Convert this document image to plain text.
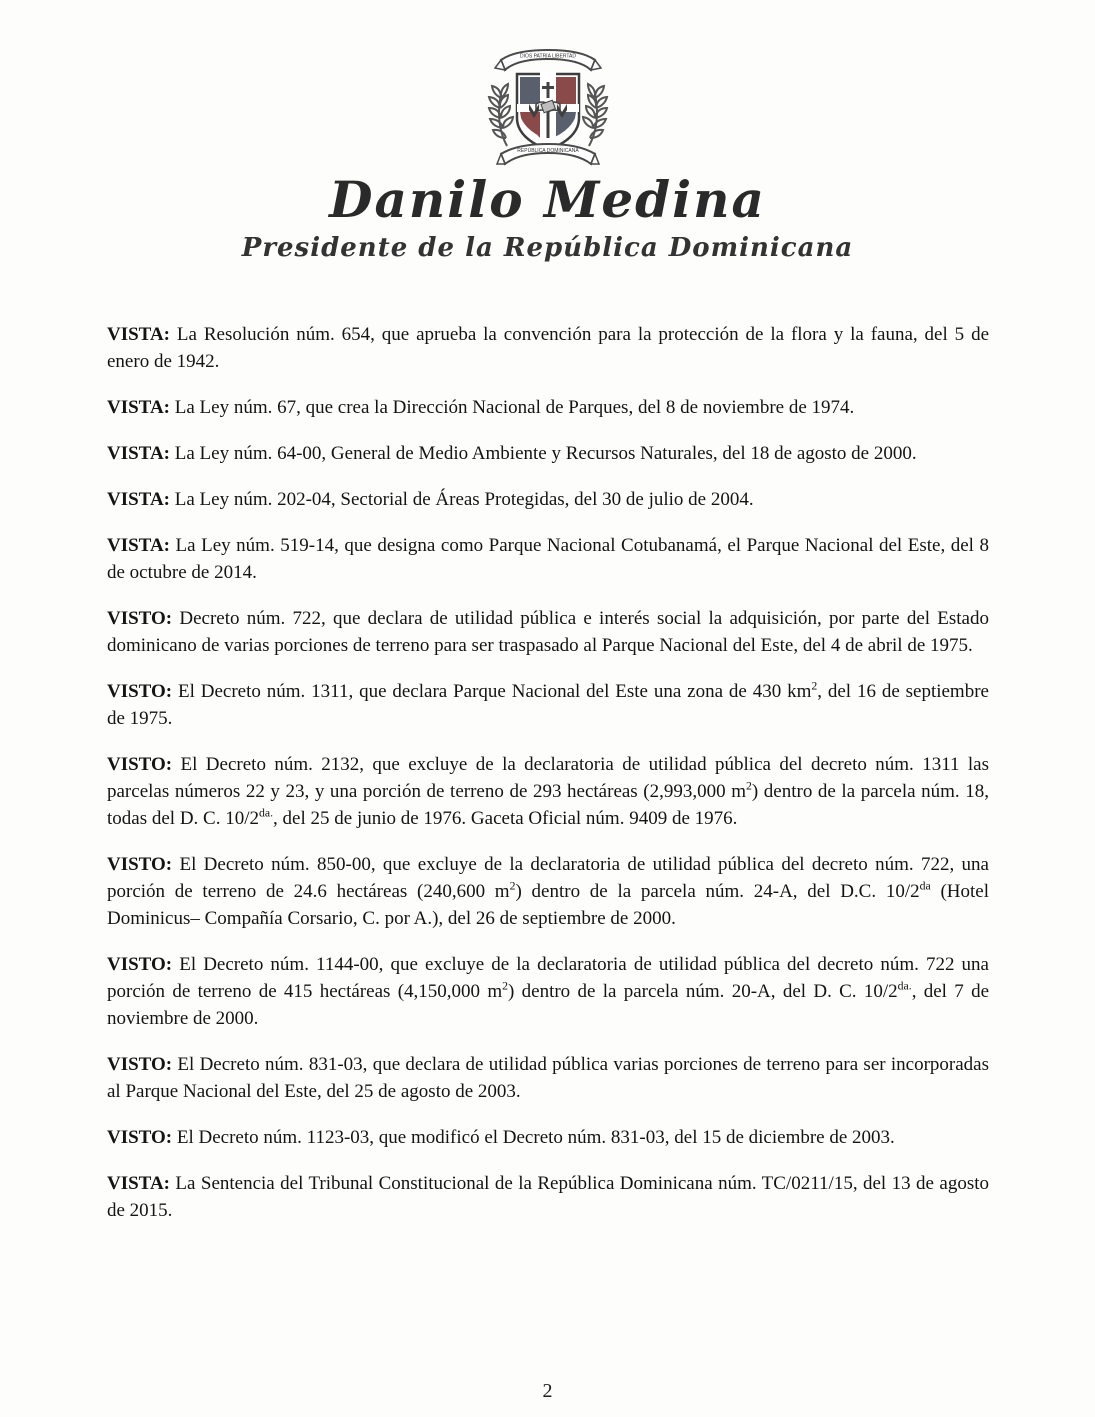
DIOS PATRIA LIBERTAD
REPÚBLICA DOMINICANA
Danilo Medina
Presidente de la República Dominicana

VISTA: La Resolución núm. 654, que aprueba la convención para la protección de la flora y la fauna, del 5 de enero de 1942.

VISTA: La Ley núm. 67, que crea la Dirección Nacional de Parques, del 8 de noviembre de 1974.

VISTA: La Ley núm. 64-00, General de Medio Ambiente y Recursos Naturales, del 18 de agosto de 2000.

VISTA: La Ley núm. 202-04, Sectorial de Áreas Protegidas, del 30 de julio de 2004.

VISTA: La Ley núm. 519-14, que designa como Parque Nacional Cotubanamá, el Parque Nacional del Este, del 8 de octubre de 2014.

VISTO: Decreto núm. 722, que declara de utilidad pública e interés social la adquisición, por parte del Estado dominicano de varias porciones de terreno para ser traspasado al Parque Nacional del Este, del 4 de abril de 1975.

VISTO: El Decreto núm. 1311, que declara Parque Nacional del Este una zona de 430 $km^2$, del 16 de septiembre de 1975.

VISTO: El Decreto núm. 2132, que excluye de la declaratoria de utilidad pública del decreto núm. 1311 las parcelas números 22 y 23, y una porción de terreno de 293 hectáreas (2,993,000 $m^2$) dentro de la parcela núm. 18, todas del D. C. $10/2^{da.}$, del 25 de junio de 1976. Gaceta Oficial núm. 9409 de 1976.

VISTO: El Decreto núm. 850-00, que excluye de la declaratoria de utilidad pública del decreto núm. 722, una porción de terreno de 24.6 hectáreas (240,600 $m^2$) dentro de la parcela núm. 24-A, del D.C. $10/2^{da}$ (Hotel Dominicus– Compañía Corsario, C. por A.), del 26 de septiembre de 2000.

VISTO: El Decreto núm. 1144-00, que excluye de la declaratoria de utilidad pública del decreto núm. 722 una porción de terreno de 415 hectáreas (4,150,000 $m^2$) dentro de la parcela núm. 20-A, del D. C. $10/2^{da.}$, del 7 de noviembre de 2000.

VISTO: El Decreto núm. 831-03, que declara de utilidad pública varias porciones de terreno para ser incorporadas al Parque Nacional del Este, del 25 de agosto de 2003.

VISTO: El Decreto núm. 1123-03, que modificó el Decreto núm. 831-03, del 15 de diciembre de 2003.

VISTA: La Sentencia del Tribunal Constitucional de la República Dominicana núm. TC/0211/15, del 13 de agosto de 2015.

2
